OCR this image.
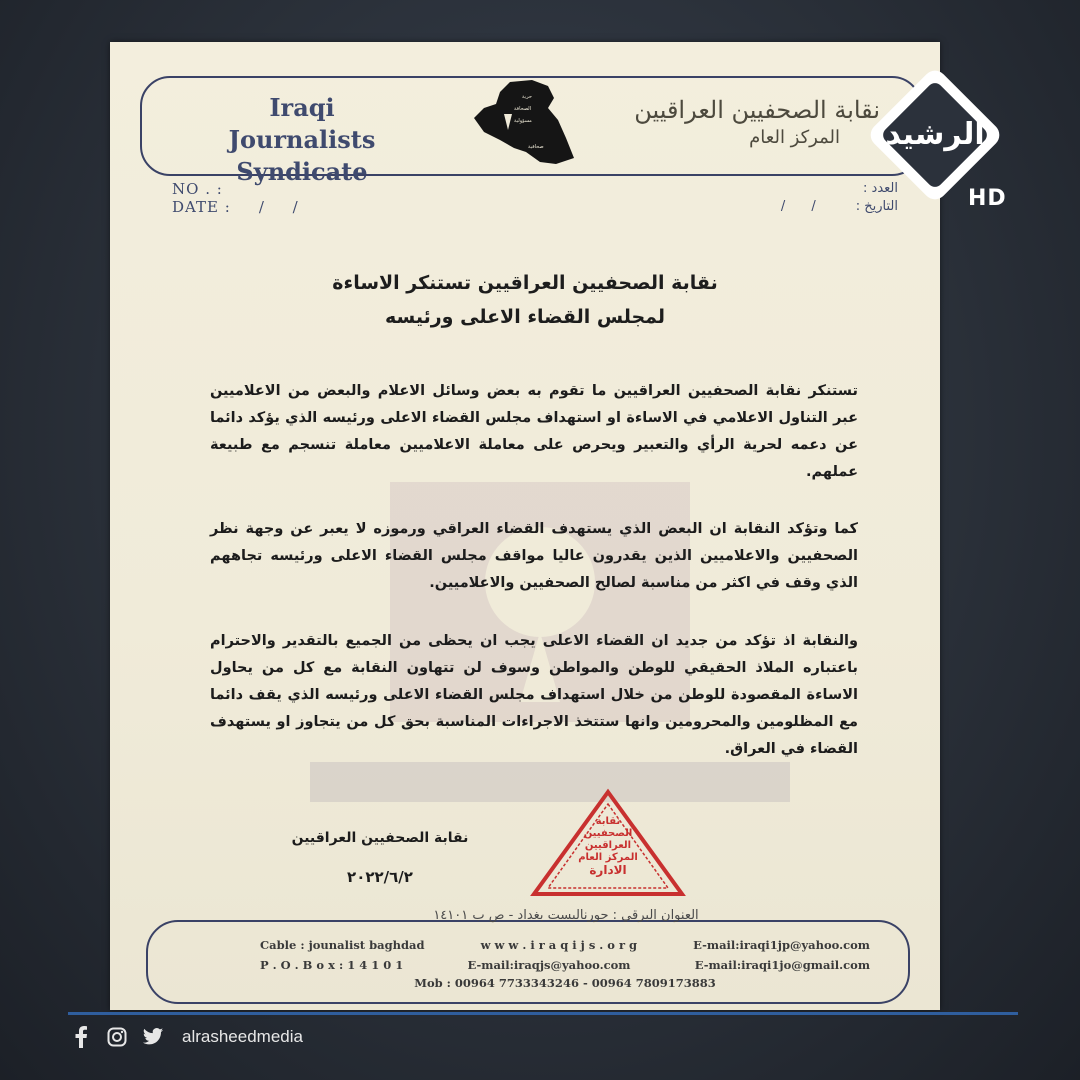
Iraqi
Journalists Syndicate
حرية
الصحافة
مسؤولية
صحافية
نقابة الصحفيين العراقيين
المركز العام
NO . :
DATE : / /
العدد :
التاريخ :/ /
نقابة الصحفيين العراقيين تستنكر الاساءة
لمجلس القضاء الاعلى ورئيسه
تستنكر نقابة الصحفيين العراقيين ما تقوم به بعض وسائل الاعلام والبعض من الاعلاميين عبر التناول الاعلامي في الاساءة او استهداف مجلس القضاء الاعلى ورئيسه الذي يؤكد دائما عن دعمه لحرية الرأي والتعبير ويحرص على معاملة الاعلاميين معاملة تنسجم مع طبيعة عملهم.
كما وتؤكد النقابة ان البعض الذي يستهدف القضاء العراقي ورموزه لا يعبر عن وجهة نظر الصحفيين والاعلاميين الذين يقدرون عاليا مواقف مجلس القضاء الاعلى ورئيسه تجاههم الذي وقف في اكثر من مناسبة لصالح الصحفيين والاعلاميين.
والنقابة اذ تؤكد من جديد ان القضاء الاعلى يجب ان يحظى من الجميع بالتقدير والاحترام باعتباره الملاذ الحقيقي للوطن والمواطن وسوف لن تتهاون النقابة مع كل من يحاول الاساءة المقصودة للوطن من خلال استهداف مجلس القضاء الاعلى ورئيسه الذي يقف دائما مع المظلومين والمحرومين وانها ستتخذ الاجراءات المناسبة بحق كل من يتجاوز او يستهدف القضاء في العراق.
نقابة الصحفيين العراقيين
٢٠٢٢/٦/٢
نقابة
الصحفيين
العراقيين
المركز العام
الادارة
العنوان البرقي : جورناليست بغداد - ص ب ١٤١٠١
Cable : jounalist baghdad	w w w . i r a q i j s . o r g	E-mail:iraqi1jp@yahoo.com
P . O . B o x : 1 4 1 0 1	E-mail:iraqjs@yahoo.com	E-mail:iraqi1jo@gmail.com
Mob : 00964 7733343246 - 00964 7809173883
الرشيد
HD
alrasheedmedia
